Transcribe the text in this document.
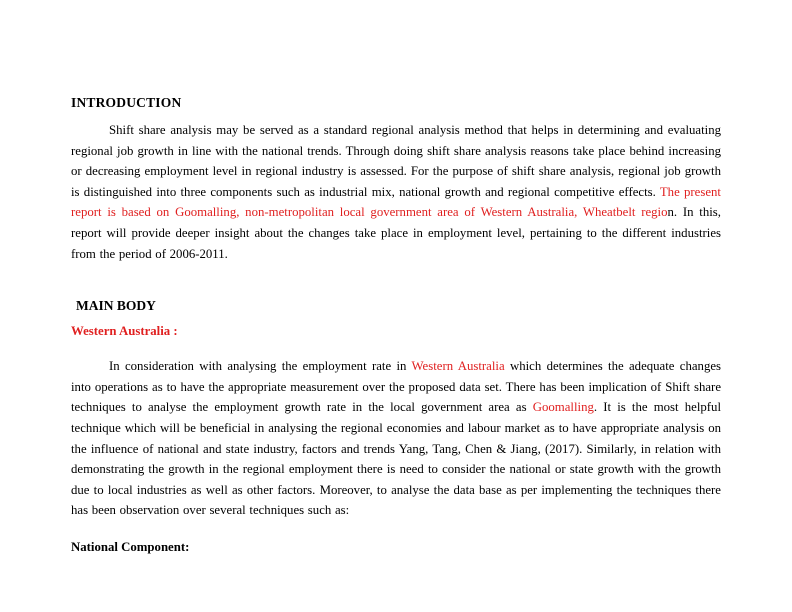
INTRODUCTION

Shift share analysis may be served as a standard regional analysis method that helps in determining and evaluating regional job growth in line with the national trends. Through doing shift share analysis reasons take place behind increasing or decreasing employment level in regional industry is assessed. For the purpose of shift share analysis, regional job growth is distinguished into three components such as industrial mix, national growth and regional competitive effects. The present report is based on Goomalling, non-metropolitan local government area of Western Australia, Wheatbelt region. In this, report will provide deeper insight about the changes take place in employment level, pertaining to the different industries from the period of 2006-2011.

MAIN BODY
Western Australia :

In consideration with analysing the employment rate in Western Australia which determines the adequate changes into operations as to have the appropriate measurement over the proposed data set. There has been implication of Shift share techniques to analyse the employment growth rate in the local government area as Goomalling. It is the most helpful technique which will be beneficial in analysing the regional economies and labour market as to have appropriate analysis on the influence of national and state industry, factors and trends Yang, Tang, Chen & Jiang, (2017). Similarly, in relation with demonstrating the growth in the regional employment there is need to consider the national or state growth with the growth due to local industries as well as other factors. Moreover, to analyse the data base as per implementing the techniques there has been observation over several techniques such as:

National Component:
